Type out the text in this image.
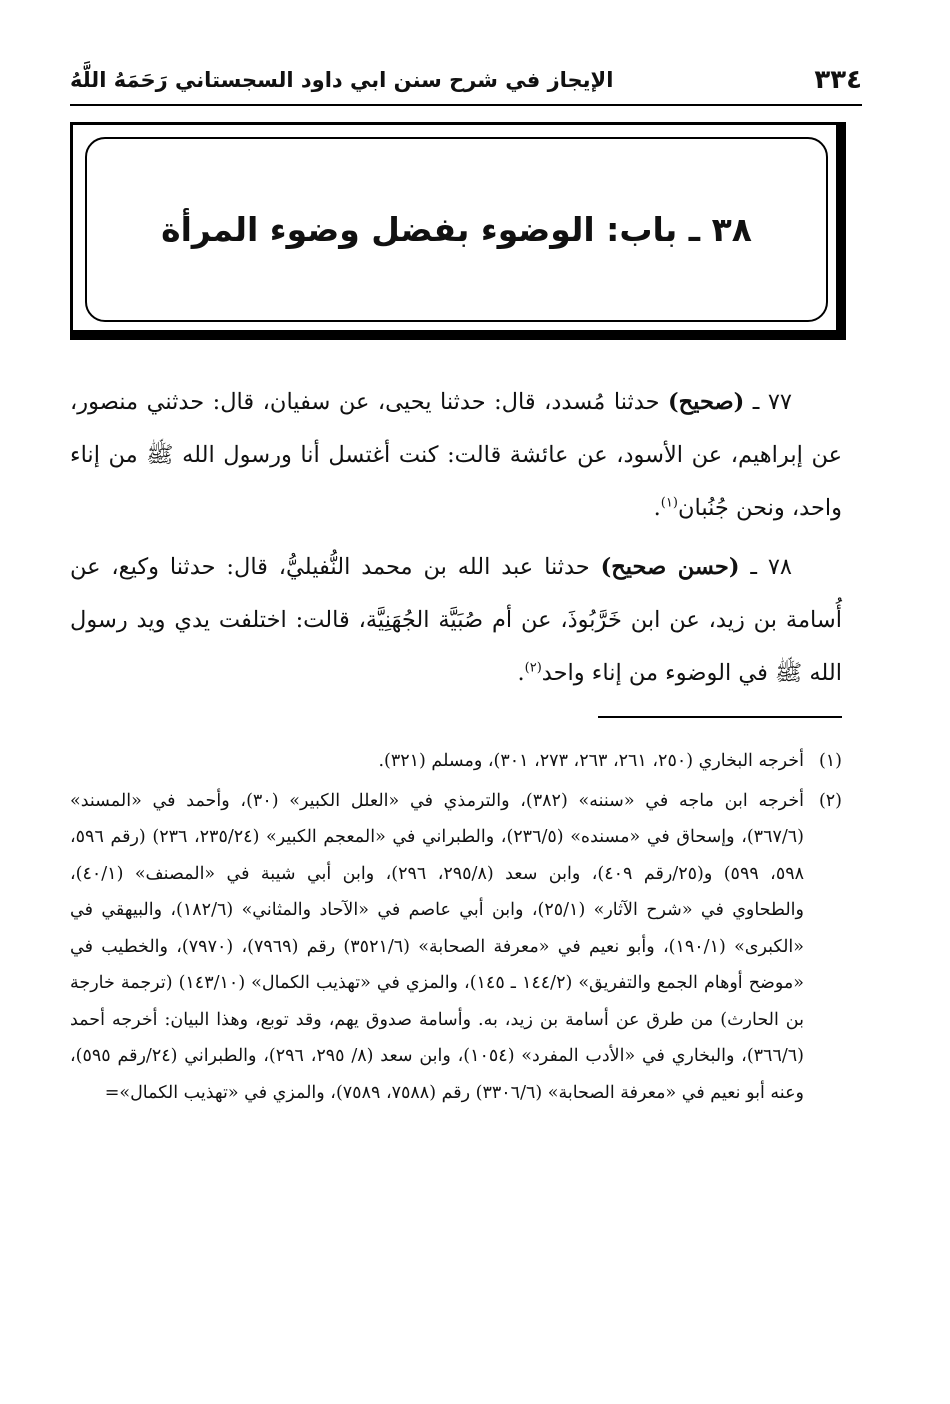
٣٣٤
الإيجاز في شرح سنن ابي داود السجستاني رَحَمَهُ اللَّهُ
٣٨ ـ باب: الوضوء بفضل وضوء المرأة

٧٧ ـ (صحيح) حدثنا مُسدد، قال: حدثنا يحيى، عن سفيان، قال: حدثني منصور، عن إبراهيم، عن الأسود، عن عائشة قالت: كنت أغتسل أنا ورسول الله ﷺ من إناء واحد، ونحن جُنُبان$^{(١)}$.

٧٨ ـ (حسن صحيح) حدثنا عبد الله بن محمد النُّفيليُّ، قال: حدثنا وكيع، عن أُسامة بن زيد، عن ابن خَرَّبُوذَ، عن أم صُبَيَّة الجُهَنِيَّة، قالت: اختلفت يدي ويد رسول الله ﷺ في الوضوء من إناء واحد$^{(٢)}$.

(١)
أخرجه البخاري (٢٥٠، ٢٦١، ٢٦٣، ٢٧٣، ٣٠١)، ومسلم (٣٢١).
(٢)
أخرجه ابن ماجه في «سننه» (٣٨٢)، والترمذي في «العلل الكبير» (٣٠)، وأحمد في «المسند» (٣٦٧/٦)، وإسحاق في «مسنده» (٢٣٦/٥)، والطبراني في «المعجم الكبير» (٢٣٥/٢٤، ٢٣٦) (رقم ٥٩٦، ٥٩٨، ٥٩٩) و(٢٥/رقم ٤٠٩)، وابن سعد (٢٩٥/٨، ٢٩٦)، وابن أبي شيبة في «المصنف» (٤٠/١)، والطحاوي في «شرح الآثار» (٢٥/١)، وابن أبي عاصم في «الآحاد والمثاني» (١٨٢/٦)، والبيهقي في «الكبرى» (١٩٠/١)، وأبو نعيم في «معرفة الصحابة» (٣٥٢١/٦) رقم (٧٩٦٩)، (٧٩٧٠)، والخطيب في «موضح أوهام الجمع والتفريق» (١٤٤/٢ ـ ١٤٥)، والمزي في «تهذيب الكمال» (١٤٣/١٠) (ترجمة خارجة بن الحارث) من طرق عن أسامة بن زيد، به. وأسامة صدوق يهم، وقد توبع، وهذا البيان: أخرجه أحمد (٣٦٦/٦)، والبخاري في «الأدب المفرد» (١٠٥٤)، وابن سعد (٨/ ٢٩٥، ٢٩٦)، والطبراني (٢٤/رقم ٥٩٥)، وعنه أبو نعيم في «معرفة الصحابة» (٣٣٠٦/٦) رقم (٧٥٨٨، ٧٥٨٩)، والمزي في «تهذيب الكمال»=
